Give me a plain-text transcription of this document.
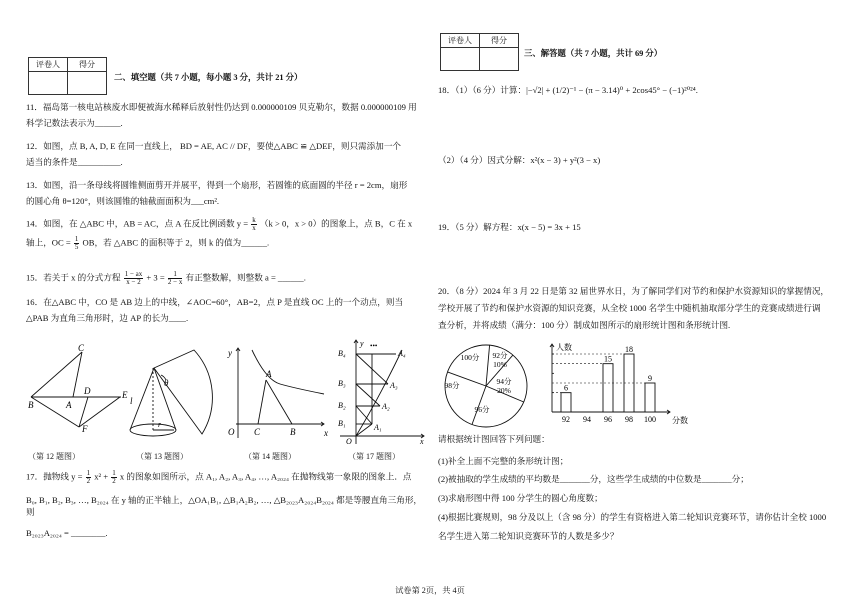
评卷人	得分

二、填空题（共 7 小题，每小题 3 分，共计 21 分）
11．福岛第一核电站核废水即便被海水稀释后放射性仍达到 0.000000109 贝克勒尔，数据 0.000000109 用
科学记数法表示为______.
12．如图，点 B, A, D, E 在同一直线上， BD = AE, AC // DF，要使△ABC ≌ △DEF，则只需添加一个
适当的条件是__________.
13．如图，沿一条母线将圆锥侧面剪开并展平，得到一个扇形，若圆锥的底面圆的半径 r = 2cm，扇形
的圆心角 θ=120°，则该圆锥的轴截面面积为___cm².
14．如图，在 △ABC 中，AB = AC，点 A 在反比例函数 $y = \frac{k}{x} (k > 0$，x > 0）的图象上，点 B，C 在 x
轴上，OC = $\frac{1}{5}$ OB，若 △ABC 的面积等于 2，则 k 的值为______.
15．若关于 x 的分式方程 $\frac{1 - ax}{x - 2} + 3 = \frac{1}{2 - x}$ 有正整数解，则整数 a = ______.
16．在△ABC 中，CO 是 AB 边上的中线，∠AOC=60°，AB=2，点 P 是直线 OC 上的一个动点，则当
△PAB 为直角三角形时，边 AP 的长为____.
B	A
D	E
C
F
（第 12 题图）
θ
l
r
（第 13 题图）
y
x
O C	B
A
（第 14 题图）
B₄
B₃
B₂
B₁
A₄
A₃
A₂
A₁
O	x
y •••
（第 17 题图）
17．抛物线 $y = \frac{1}{2} x^2 + \frac{1}{2}$ x 的图象如图所示，点 A₁, A₂, A₃, A₄, …, A₂₀₂₄ 在抛物线第一象限的图象上．点
B₀, B₁, B₂, B₃, …, B₂₀₂₄ 在 y 轴的正半轴上，△OA₁B₁, △B₁A₂B₂, …, △B₂₀₂₃A₂₀₂₄B₂₀₂₄ 都是等腰直角三角形，则
B₂₀₂₃A₂₀₂₄ = ________.
评卷人	得分

三、解答题（共 7 小题，共计 69 分）
18．（1）（6 分）计算：|−√2| + (1/2)⁻¹ − (π − 3.14)⁰ + 2cos45° − (−1)²⁰²⁴.
（2）（4 分）因式分解：x²(x − 3) + y²(3 − x)
19．（5 分）解方程：x(x − 5) = 3x + 15
20．（8 分）2024 年 3 月 22 日是第 32 届世界水日，为了解同学们对节约和保护水资源知识的掌握情况，
学校开展了节约和保护水资源的知识竞赛，从全校 1000 名学生中随机抽取部分学生的竞赛成绩进行调
查分析，并将成绩（满分：100 分）制成如图所示的扇形统计图和条形统计图.
100分 92分
10%
94分
20%
96分
98分
人数
分数
6
92 94
15
96
18
98
9
100
请根据统计图回答下列问题：
(1)补全上面不完整的条形统计图；
(2)被抽取的学生成绩的平均数是_______分，这些学生成绩的中位数是_______分；
(3)求扇形图中得 100 分学生的圆心角度数；
(4)根据比赛规则，98 分及以上（含 98 分）的学生有资格进入第二轮知识竞赛环节，请你估计全校 1000
名学生进入第二轮知识竞赛环节的人数是多少？
试卷第 2页，共 4页
